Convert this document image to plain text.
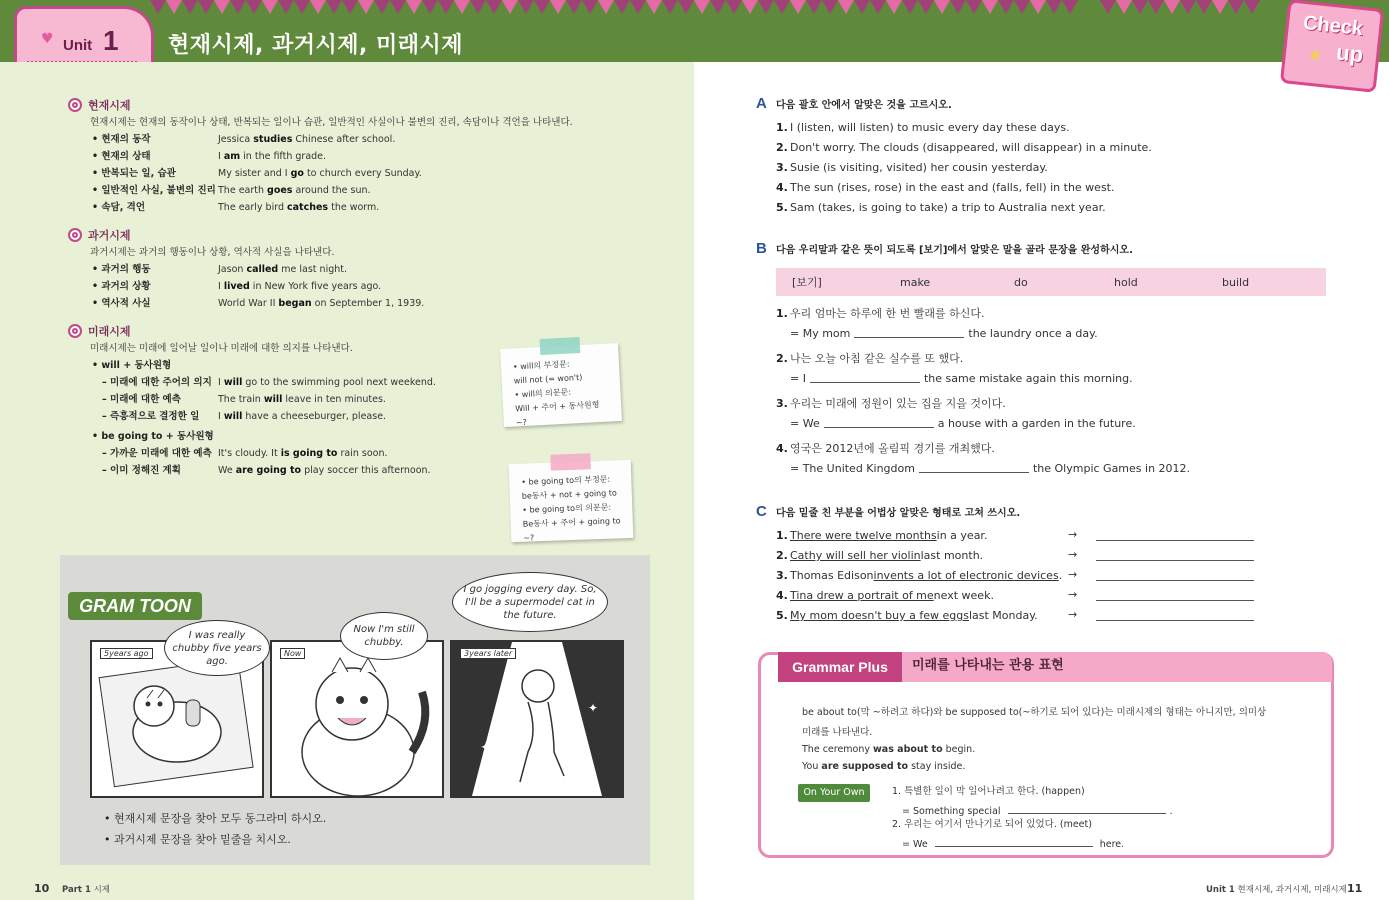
♥ Unit 1 현재시제, 과거시제, 미래시제
Check
★ up
현재시제
현재시제는 현재의 동작이나 상태, 반복되는 일이나 습관, 일반적인 사실이나 불변의 진리, 속담이나 격언을 나타낸다.
• 현재의 동작	Jessica studies Chinese after school.
• 현재의 상태	I am in the fifth grade.
• 반복되는 일, 습관	My sister and I go to church every Sunday.
• 일반적인 사실, 불변의 진리 The earth goes around the sun.
• 속담, 격언	The early bird catches the worm.
과거시제
과거시제는 과거의 행동이나 상황, 역사적 사실을 나타낸다.
• 과거의 행동	Jason called me last night.
• 과거의 상황	I lived in New York five years ago.
• 역사적 사실	World War II began on September 1, 1939.
미래시제
미래시제는 미래에 일어날 일이나 미래에 대한 의지를 나타낸다.
• will + 동사원형
– 미래에 대한 주어의 의지 I will go to the swimming pool next weekend.
– 미래에 대한 예측	The train will leave in ten minutes.
– 즉흥적으로 결정한 일	I will have a cheeseburger, please.
• be going to + 동사원형
– 가까운 미래에 대한 예측 It's cloudy. It is going to rain soon.
– 이미 정해진 계획	We are going to play soccer this afternoon.
• will의 부정문:
will not (= won't)
• will의 의문문:
Will + 주어 + 동사원형 ~?
• be going to의 부정문:
be동사 + not + going to
• be going to의 의문문:
Be동사 + 주어 + going to ~?
GRAM TOON
5years ago	Now	3years later
✦
✦
I was really chubby five years ago.
Now I'm still chubby.
I go jogging every day. So, I'll be a supermodel cat in the future.
• 현재시제 문장을 찾아 모두 동그라미 하시오.
• 과거시제 문장을 찾아 밑줄을 치시오.
10 Part 1 시제
A 다음 괄호 안에서 알맞은 것을 고르시오.
1. I (listen, will listen) to music every day these days.
2. Don't worry. The clouds (disappeared, will disappear) in a minute.
3. Susie (is visiting, visited) her cousin yesterday.
4. The sun (rises, rose) in the east and (falls, fell) in the west.
5. Sam (takes, is going to take) a trip to Australia next year.
B 다음 우리말과 같은 뜻이 되도록 [보기]에서 알맞은 말을 골라 문장을 완성하시오.
[보기]	make	do	hold	build
1. 우리 엄마는 하루에 한 번 빨래를 하신다.
= My mom	the laundry once a day.
2. 나는 오늘 아침 같은 실수를 또 했다.
= I	the same mistake again this morning.
3. 우리는 미래에 정원이 있는 집을 지을 것이다.
= We	a house with a garden in the future.
4. 영국은 2012년에 올림픽 경기를 개최했다.
= The United Kingdom	the Olympic Games in 2012.
C 다음 밑줄 친 부분을 어법상 알맞은 형태로 고쳐 쓰시오.
1. There were twelve months in a year.
2. Cathy will sell her violin last month.
3. Thomas Edison invents a lot of electronic devices .
4. Tina drew a portrait of me next week.
5. My mom doesn't buy a few eggs last Monday.
→
→
→
→
→
Grammar Plus	미래를 나타내는 관용 표현
be about to(막 ~하려고 하다)와 be supposed to(~하기로 되어 있다)는 미래시제의 형태는 아니지만, 의미상
미래를 나타낸다.
The ceremony was about to begin.
You are supposed to stay inside.
On Your Own	1. 특별한 일이 막 일어나려고 한다. (happen)
= Something special	.
2. 우리는 여기서 만나기로 되어 있었다. (meet)
= We	here.
Unit 1 현재시제, 과거시제, 미래시제 11
